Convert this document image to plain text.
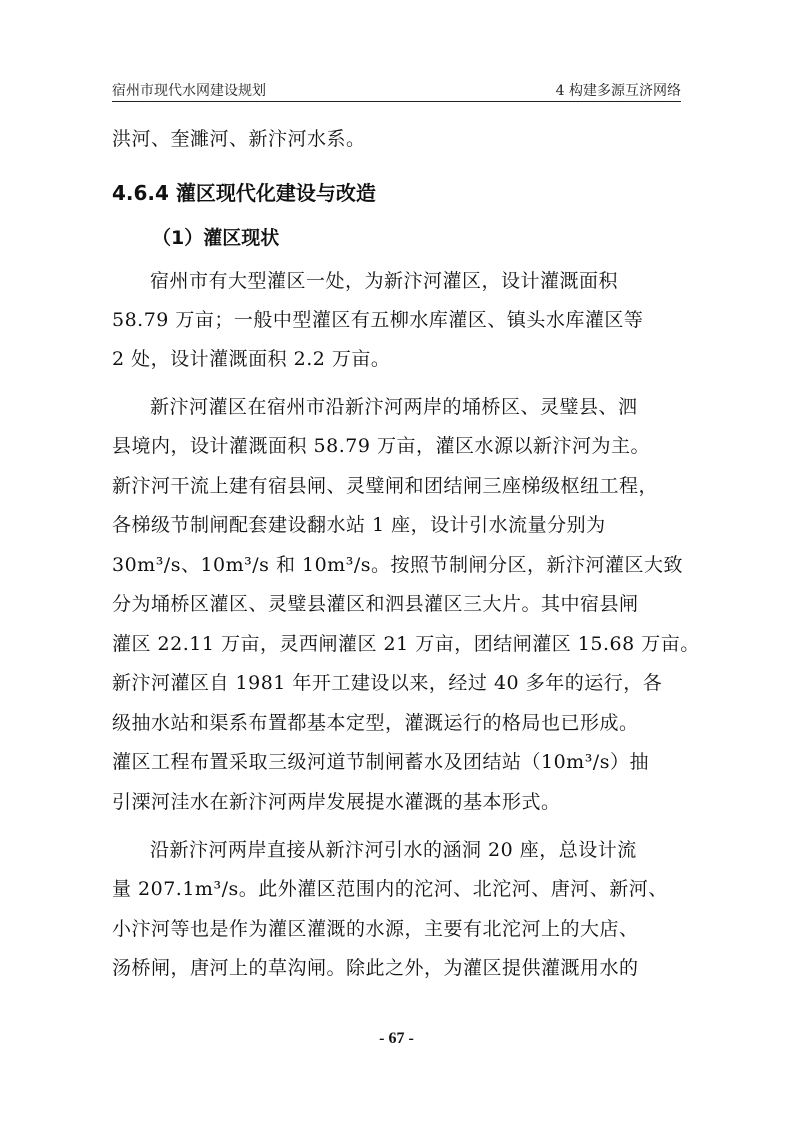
宿州市现代水网建设规划	4 构建多源互济网络
洪河、奎濉河、新汴河水系。
4.6.4 灌区现代化建设与改造
（1）灌区现状
宿州市有大型灌区一处，为新汴河灌区，设计灌溉面积
58.79 万亩；一般中型灌区有五柳水库灌区、镇头水库灌区等
2 处，设计灌溉面积 2.2 万亩。
新汴河灌区在宿州市沿新汴河两岸的埇桥区、灵璧县、泗
县境内，设计灌溉面积 58.79 万亩，灌区水源以新汴河为主。
新汴河干流上建有宿县闸、灵璧闸和团结闸三座梯级枢纽工程，
各梯级节制闸配套建设翻水站 1 座，设计引水流量分别为
30m³/s、10m³/s 和 10m³/s。按照节制闸分区，新汴河灌区大致
分为埇桥区灌区、灵璧县灌区和泗县灌区三大片。其中宿县闸
灌区 22.11 万亩，灵西闸灌区 21 万亩，团结闸灌区 15.68 万亩。
新汴河灌区自 1981 年开工建设以来，经过 40 多年的运行，各
级抽水站和渠系布置都基本定型，灌溉运行的格局也已形成。
灌区工程布置采取三级河道节制闸蓄水及团结站（10m³/s）抽
引溧河洼水在新汴河两岸发展提水灌溉的基本形式。
沿新汴河两岸直接从新汴河引水的涵洞 20 座，总设计流
量 207.1m³/s。此外灌区范围内的沱河、北沱河、唐河、新河、
小汴河等也是作为灌区灌溉的水源，主要有北沱河上的大店、
汤桥闸，唐河上的草沟闸。除此之外，为灌区提供灌溉用水的
- 67 -
